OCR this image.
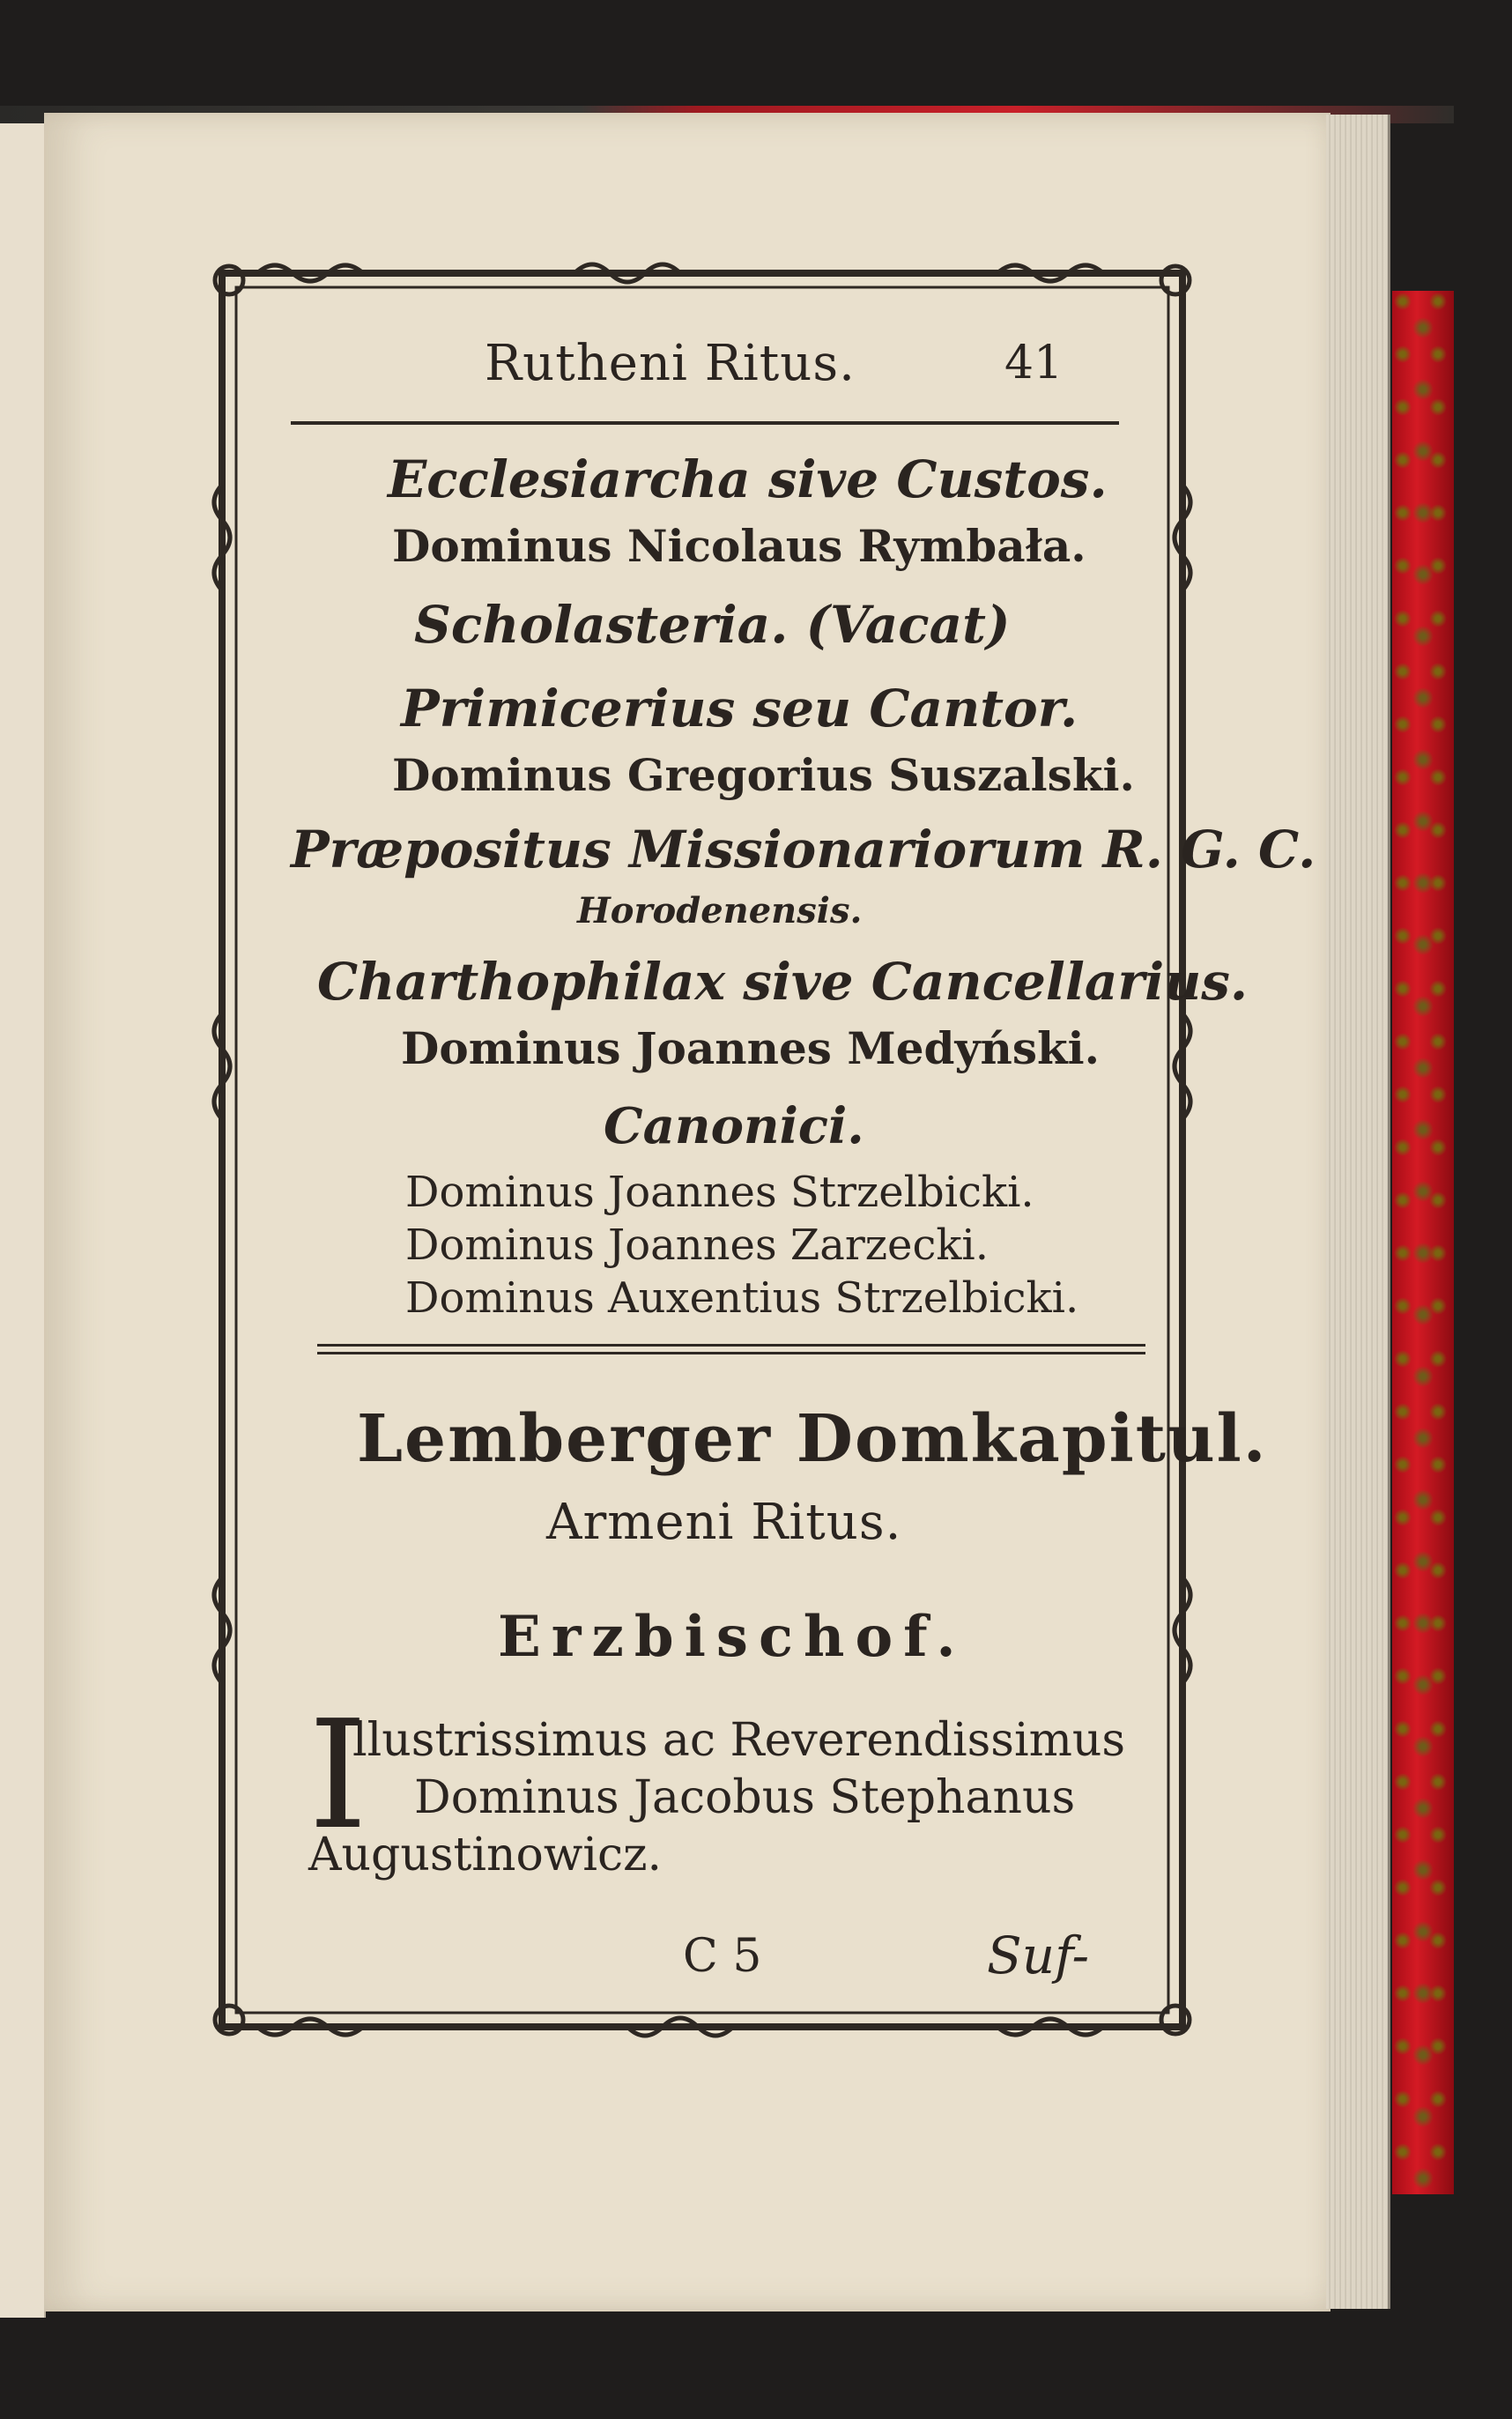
Rutheni Ritus.	41
Ecclesiarcha sive Custos.
Dominus Nicolaus Rymbała.
Scholasteria. (Vacat)
Primicerius seu Cantor.
Dominus Gregorius Suszalski.
Præpositus Missionariorum R. G. C.
Horodenensis.
Charthophilax sive Cancellarius.
Dominus Joannes Medyński.
Canonici.
Dominus Joannes Strzelbicki.
Dominus Joannes Zarzecki.
Dominus Auxentius Strzelbicki.
Lemberger Domkapitul.
Armeni Ritus.
Erzbischof.
I
llustrissimus ac Reverendissimus
Dominus Jacobus Stephanus
Augustinowicz.
C 5	Suf-
